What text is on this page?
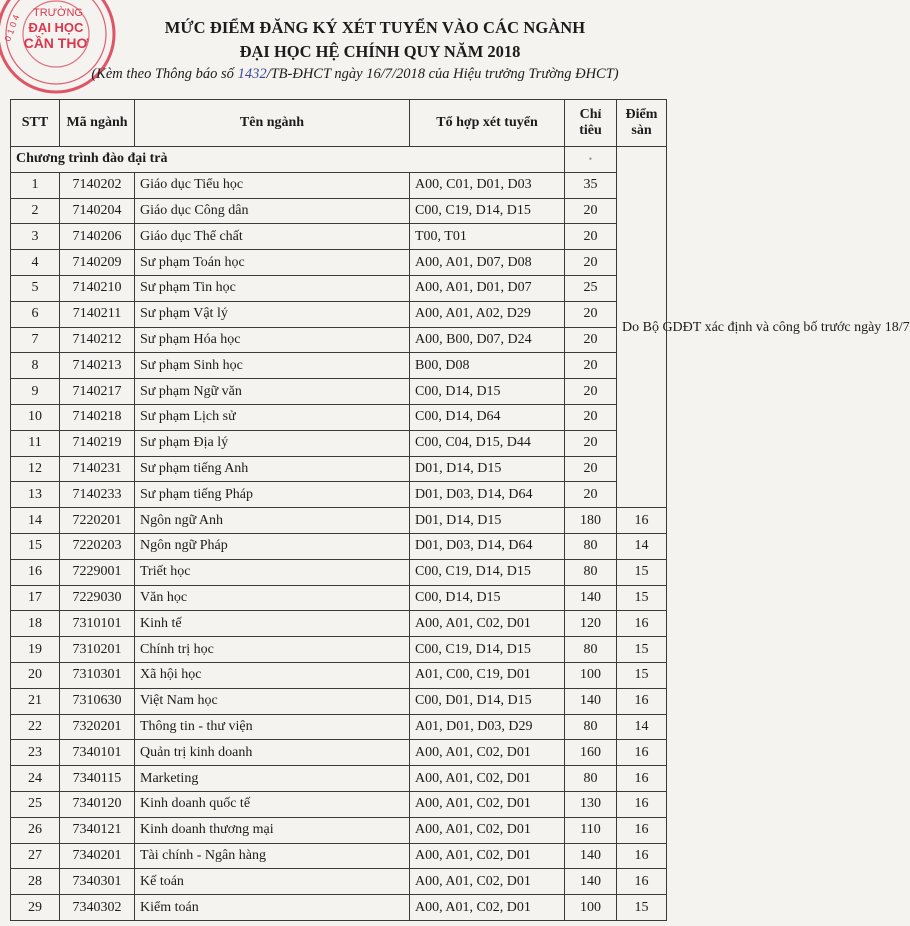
TRƯỜNG
ĐẠI HỌC
CẦN THƠ
0 1 0 4	MỨC ĐIỂM ĐĂNG KÝ XÉT TUYỂN VÀO CÁC NGÀNH
ĐẠI HỌC HỆ CHÍNH QUY NĂM 2018
(Kèm theo Thông báo số 1432/TB-ĐHCT ngày 16/7/2018 của Hiệu trưởng Trường ĐHCT)
STT	Mã ngành	Tên ngành	Tổ hợp xét tuyển	Chỉ tiêu	Điểm sàn
Chương trình đào đại trà				•	Do Bộ GDĐT xác định và công bố trước ngày 18/7
1	7140202	Giáo dục Tiểu học	A00, C01, D01, D03	35	
2	7140204	Giáo dục Công dân	C00, C19, D14, D15	20	
3	7140206	Giáo dục Thể chất	T00, T01	20	
4	7140209	Sư phạm Toán học	A00, A01, D07, D08	20	
5	7140210	Sư phạm Tin học	A00, A01, D01, D07	25	
6	7140211	Sư phạm Vật lý	A00, A01, A02, D29	20	
7	7140212	Sư phạm Hóa học	A00, B00, D07, D24	20	
8	7140213	Sư phạm Sinh học	B00, D08	20	
9	7140217	Sư phạm Ngữ văn	C00, D14, D15	20	
10	7140218	Sư phạm Lịch sử	C00, D14, D64	20	
11	7140219	Sư phạm Địa lý	C00, C04, D15, D44	20	
12	7140231	Sư phạm tiếng Anh	D01, D14, D15	20	
13	7140233	Sư phạm tiếng Pháp	D01, D03, D14, D64	20	
14	7220201	Ngôn ngữ Anh	D01, D14, D15	180	16
15	7220203	Ngôn ngữ Pháp	D01, D03, D14, D64	80	14
16	7229001	Triết học	C00, C19, D14, D15	80	15
17	7229030	Văn học	C00, D14, D15	140	15
18	7310101	Kinh tế	A00, A01, C02, D01	120	16
19	7310201	Chính trị học	C00, C19, D14, D15	80	15
20	7310301	Xã hội học	A01, C00, C19, D01	100	15
21	7310630	Việt Nam học	C00, D01, D14, D15	140	16
22	7320201	Thông tin - thư viện	A01, D01, D03, D29	80	14
23	7340101	Quản trị kinh doanh	A00, A01, C02, D01	160	16
24	7340115	Marketing	A00, A01, C02, D01	80	16
25	7340120	Kinh doanh quốc tế	A00, A01, C02, D01	130	16
26	7340121	Kinh doanh thương mại	A00, A01, C02, D01	110	16
27	7340201	Tài chính - Ngân hàng	A00, A01, C02, D01	140	16
28	7340301	Kế toán	A00, A01, C02, D01	140	16
29	7340302	Kiểm toán	A00, A01, C02, D01	100	15
